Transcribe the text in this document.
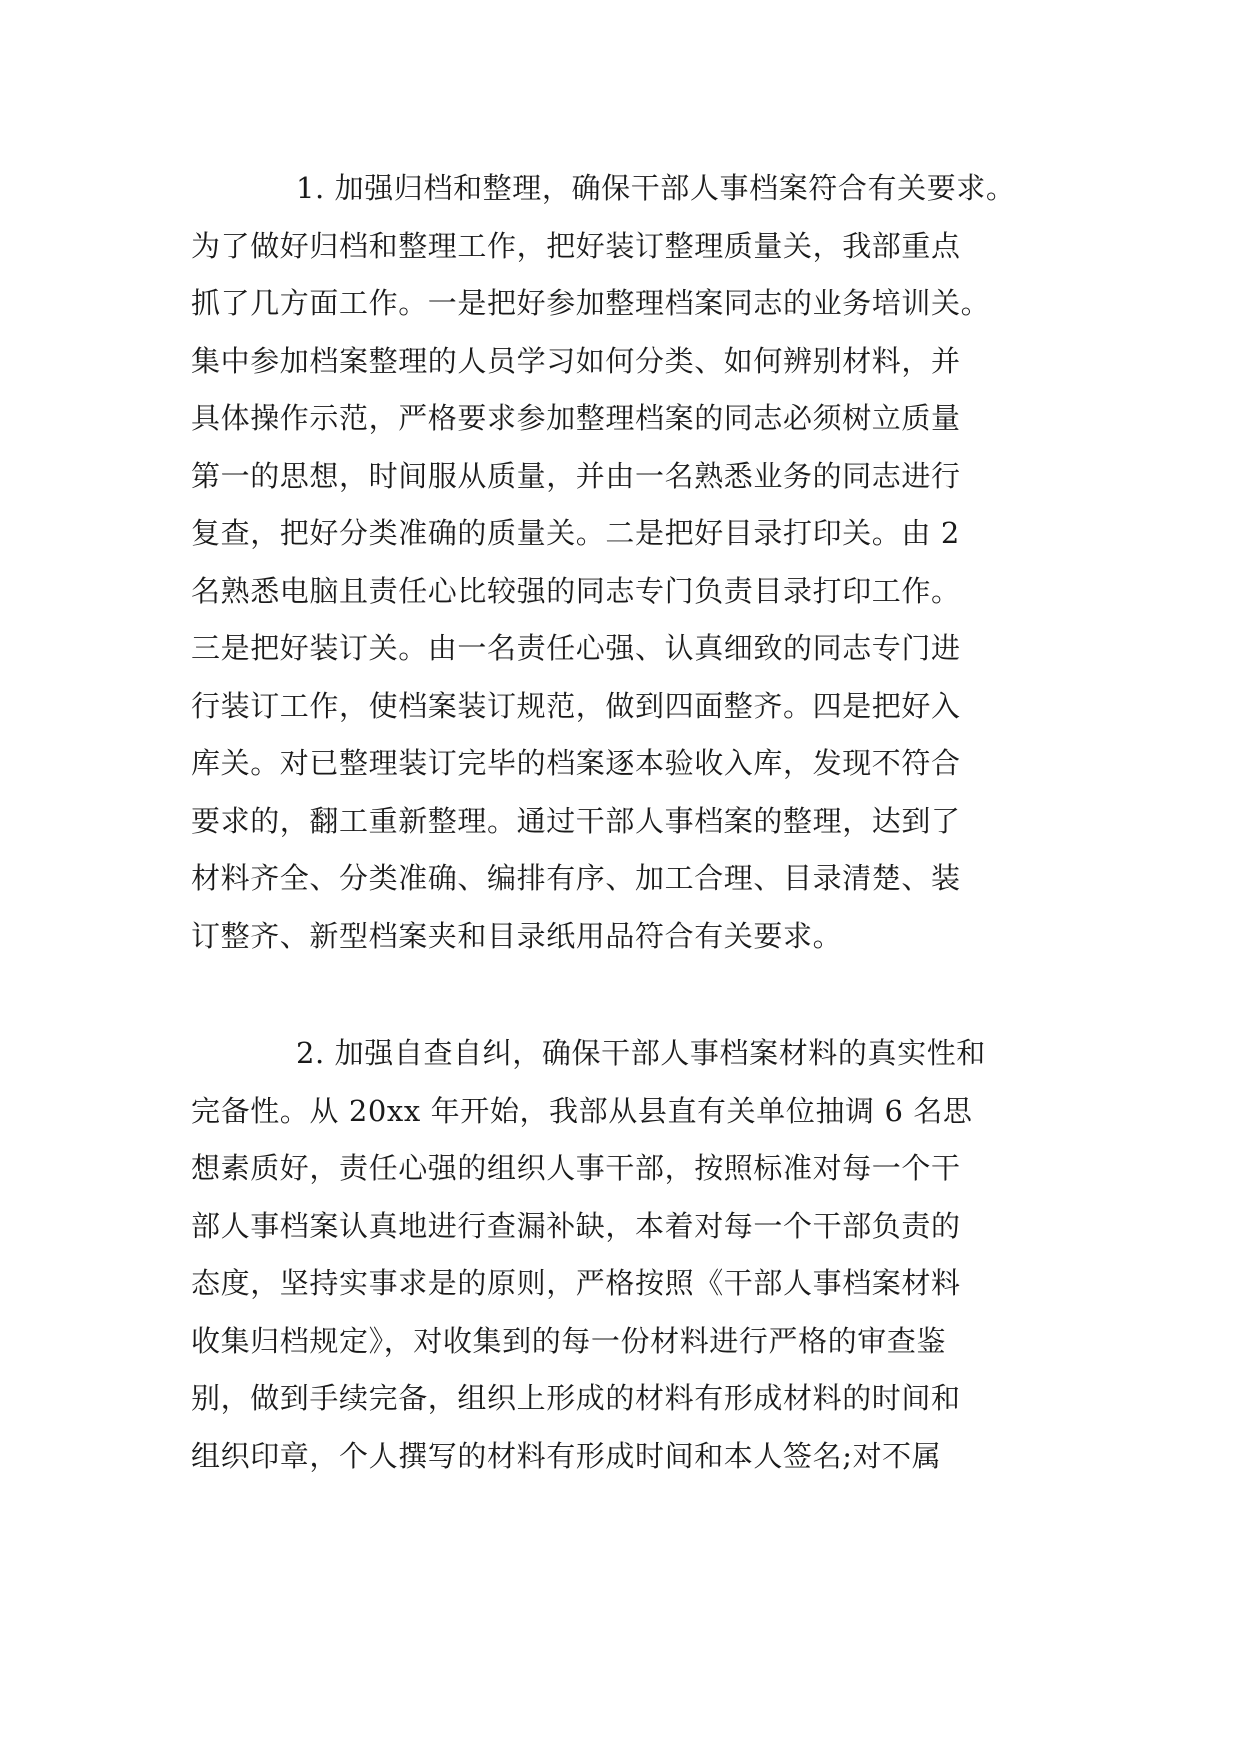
1. 加强归档和整理，确保干部人事档案符合有关要求。
为了做好归档和整理工作，把好装订整理质量关，我部重点
抓了几方面工作。一是把好参加整理档案同志的业务培训关。
集中参加档案整理的人员学习如何分类、如何辨别材料，并
具体操作示范，严格要求参加整理档案的同志必须树立质量
第一的思想，时间服从质量，并由一名熟悉业务的同志进行
复查，把好分类准确的质量关。二是把好目录打印关。由 2
名熟悉电脑且责任心比较强的同志专门负责目录打印工作。
三是把好装订关。由一名责任心强、认真细致的同志专门进
行装订工作，使档案装订规范，做到四面整齐。四是把好入
库关。对已整理装订完毕的档案逐本验收入库，发现不符合
要求的，翻工重新整理。通过干部人事档案的整理，达到了
材料齐全、分类准确、编排有序、加工合理、目录清楚、装
订整齐、新型档案夹和目录纸用品符合有关要求。
2. 加强自查自纠，确保干部人事档案材料的真实性和
完备性。从 20xx 年开始，我部从县直有关单位抽调 6 名思
想素质好，责任心强的组织人事干部，按照标准对每一个干
部人事档案认真地进行查漏补缺，本着对每一个干部负责的
态度，坚持实事求是的原则，严格按照《干部人事档案材料
收集归档规定》，对收集到的每一份材料进行严格的审查鉴
别，做到手续完备，组织上形成的材料有形成材料的时间和
组织印章，个人撰写的材料有形成时间和本人签名;对不属
